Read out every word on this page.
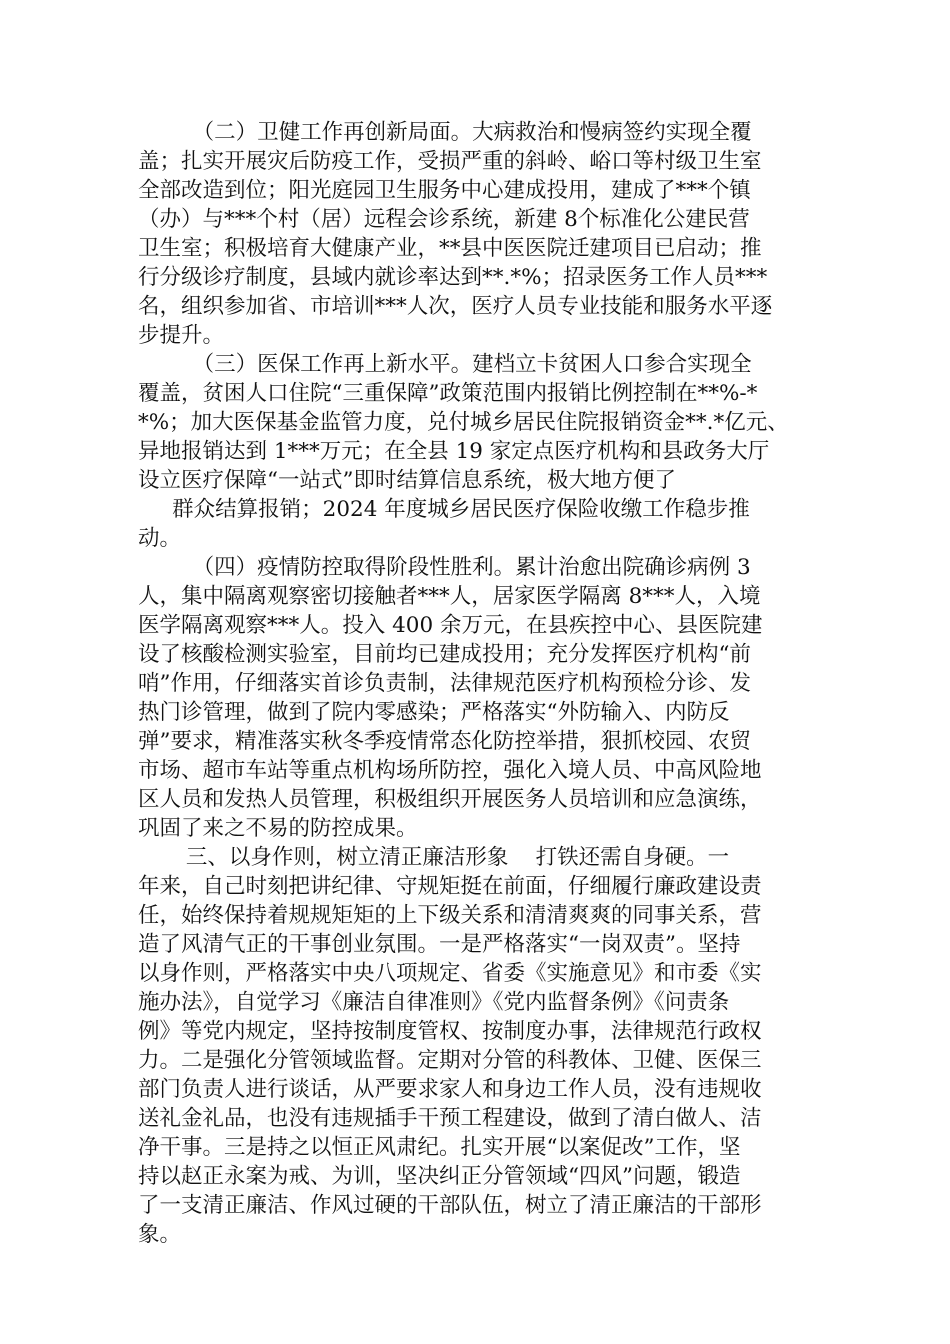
（二）卫健工作再创新局面。大病救治和慢病签约实现全覆
盖；扎实开展灾后防疫工作，受损严重的斜岭、峪口等村级卫生室
全部改造到位；阳光庭园卫生服务中心建成投用，建成了***个镇
（办）与***个村（居）远程会诊系统，新建 8个标准化公建民营
卫生室；积极培育大健康产业，**县中医医院迁建项目已启动；推
行分级诊疗制度，县域内就诊率达到**.*%；招录医务工作人员***
名，组织参加省、市培训***人次，医疗人员专业技能和服务水平逐
步提升。
（三）医保工作再上新水平。建档立卡贫困人口参合实现全
覆盖，贫困人口住院“三重保障”政策范围内报销比例控制在**%-*
*%；加大医保基金监管力度，兑付城乡居民住院报销资金**.*亿元、
异地报销达到 1***万元；在全县 19 家定点医疗机构和县政务大厅
设立医疗保障“一站式”即时结算信息系统，极大地方便了
群众结算报销；2024 年度城乡居民医疗保险收缴工作稳步推
动。
（四）疫情防控取得阶段性胜利。累计治愈出院确诊病例 3
人，集中隔离观察密切接触者***人，居家医学隔离 8***人，入境
医学隔离观察***人。投入 400 余万元，在县疾控中心、县医院建
设了核酸检测实验室，目前均已建成投用；充分发挥医疗机构“前
哨”作用，仔细落实首诊负责制，法律规范医疗机构预检分诊、发
热门诊管理，做到了院内零感染；严格落实“外防输入、内防反
弹”要求，精准落实秋冬季疫情常态化防控举措，狠抓校园、农贸
市场、超市车站等重点机构场所防控，强化入境人员、中高风险地
区人员和发热人员管理，积极组织开展医务人员培训和应急演练，
巩固了来之不易的防控成果。
三、以身作则，树立清正廉洁形象    打铁还需自身硬。一
年来，自己时刻把讲纪律、守规矩挺在前面，仔细履行廉政建设责
任，始终保持着规规矩矩的上下级关系和清清爽爽的同事关系，营
造了风清气正的干事创业氛围。一是严格落实“一岗双责”。坚持
以身作则，严格落实中央八项规定、省委《实施意见》和市委《实
施办法》，自觉学习《廉洁自律准则》《党内监督条例》《问责条
例》等党内规定，坚持按制度管权、按制度办事，法律规范行政权
力。二是强化分管领域监督。定期对分管的科教体、卫健、医保三
部门负责人进行谈话，从严要求家人和身边工作人员，没有违规收
送礼金礼品，也没有违规插手干预工程建设，做到了清白做人、洁
净干事。三是持之以恒正风肃纪。扎实开展“以案促改”工作，坚
持以赵正永案为戒、为训，坚决纠正分管领域“四风”问题，锻造
了一支清正廉洁、作风过硬的干部队伍，树立了清正廉洁的干部形
象。
